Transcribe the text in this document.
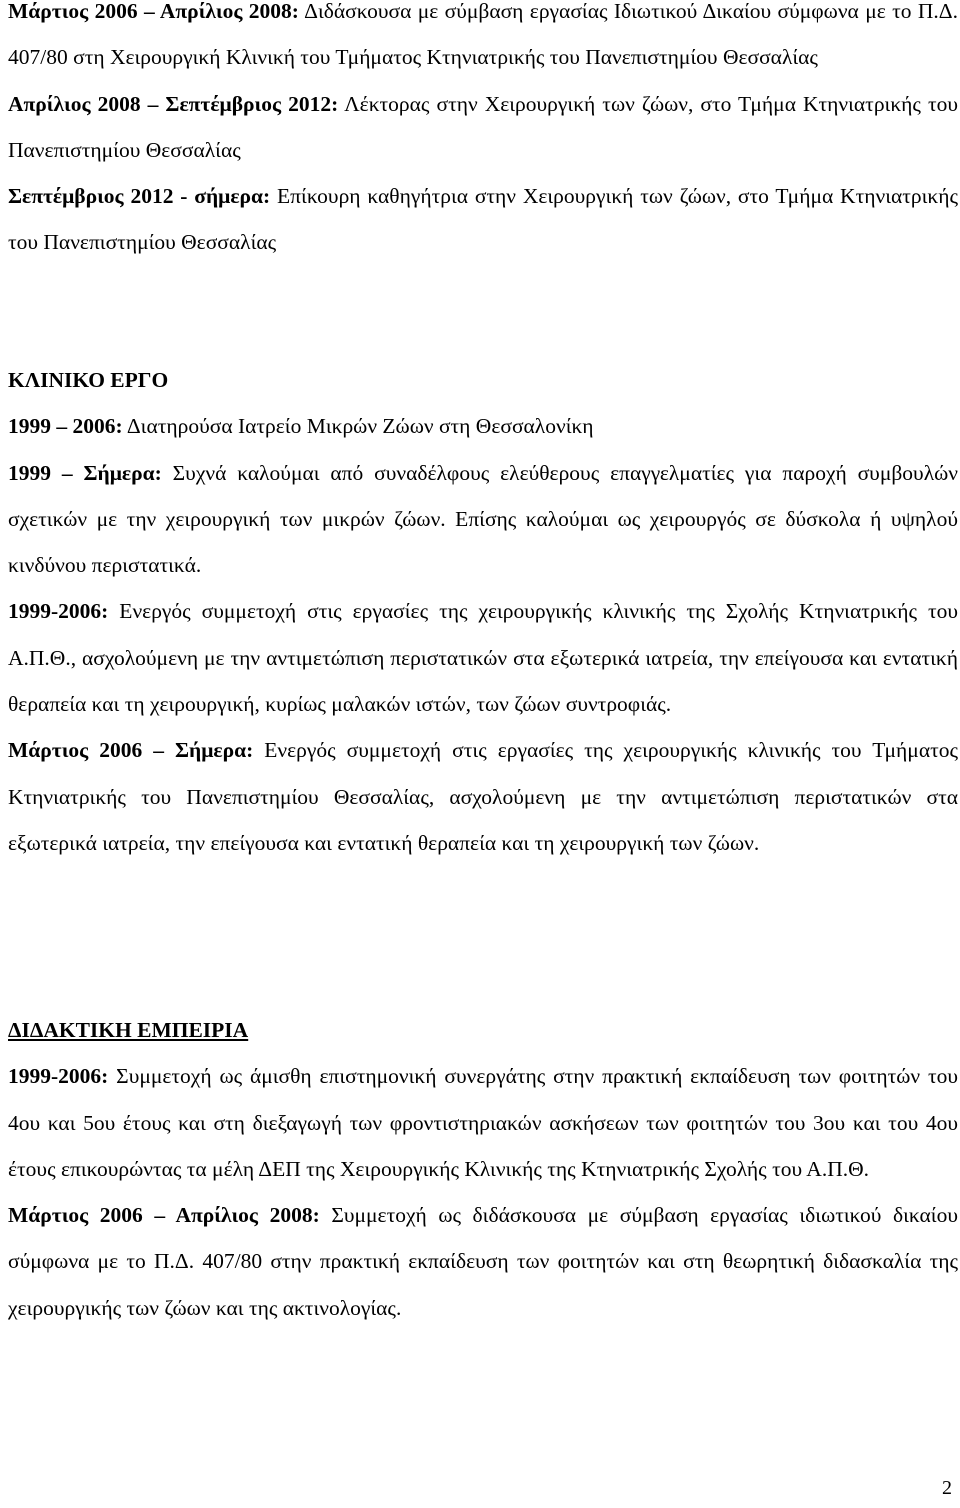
Μάρτιος 2006 – Απρίλιος 2008: Διδάσκουσα με σύμβαση εργασίας Ιδιωτικού Δικαίου σύμφωνα με το Π.Δ. 407/80 στη Χειρουργική Κλινική του Τμήματος Κτηνιατρικής του Πανεπιστημίου Θεσσαλίας

Απρίλιος 2008 – Σεπτέμβριος 2012: Λέκτορας στην Χειρουργική των ζώων, στο Τμήμα Κτηνιατρικής του Πανεπιστημίου Θεσσαλίας

Σεπτέμβριος 2012 - σήμερα: Επίκουρη καθηγήτρια στην Χειρουργική των ζώων, στο Τμήμα Κτηνιατρικής του Πανεπιστημίου Θεσσαλίας

ΚΛΙΝΙΚΟ ΕΡΓΟ

1999 – 2006: Διατηρούσα Ιατρείο Μικρών Ζώων στη Θεσσαλονίκη

1999 – Σήμερα: Συχνά καλούμαι από συναδέλφους ελεύθερους επαγγελματίες για παροχή συμβουλών σχετικών με την χειρουργική των μικρών ζώων. Επίσης καλούμαι ως χειρουργός σε δύσκολα ή υψηλού κινδύνου περιστατικά.

1999-2006: Ενεργός συμμετοχή στις εργασίες της χειρουργικής κλινικής της Σχολής Κτηνιατρικής του Α.Π.Θ., ασχολούμενη με την αντιμετώπιση περιστατικών στα εξωτερικά ιατρεία, την επείγουσα και εντατική θεραπεία και τη χειρουργική, κυρίως μαλακών ιστών, των ζώων συντροφιάς.

Μάρτιος 2006 – Σήμερα: Ενεργός συμμετοχή στις εργασίες της χειρουργικής κλινικής του Τμήματος Κτηνιατρικής του Πανεπιστημίου Θεσσαλίας, ασχολούμενη με την αντιμετώπιση περιστατικών στα εξωτερικά ιατρεία, την επείγουσα και εντατική θεραπεία και τη χειρουργική των ζώων.

ΔΙΔΑΚΤΙΚΗ ΕΜΠΕΙΡΙΑ

1999-2006: Συμμετοχή ως άμισθη επιστημονική συνεργάτης στην πρακτική εκπαίδευση των φοιτητών του 4ου και 5ου έτους και στη διεξαγωγή των φροντιστηριακών ασκήσεων των φοιτητών του 3ου και του 4ου έτους επικουρώντας τα μέλη ΔΕΠ της Χειρουργικής Κλινικής της Κτηνιατρικής Σχολής του Α.Π.Θ.

Μάρτιος 2006 – Απρίλιος 2008: Συμμετοχή ως διδάσκουσα με σύμβαση εργασίας ιδιωτικού δικαίου σύμφωνα με το Π.Δ. 407/80 στην πρακτική εκπαίδευση των φοιτητών και στη θεωρητική διδασκαλία της χειρουργικής των ζώων και της ακτινολογίας.

2
